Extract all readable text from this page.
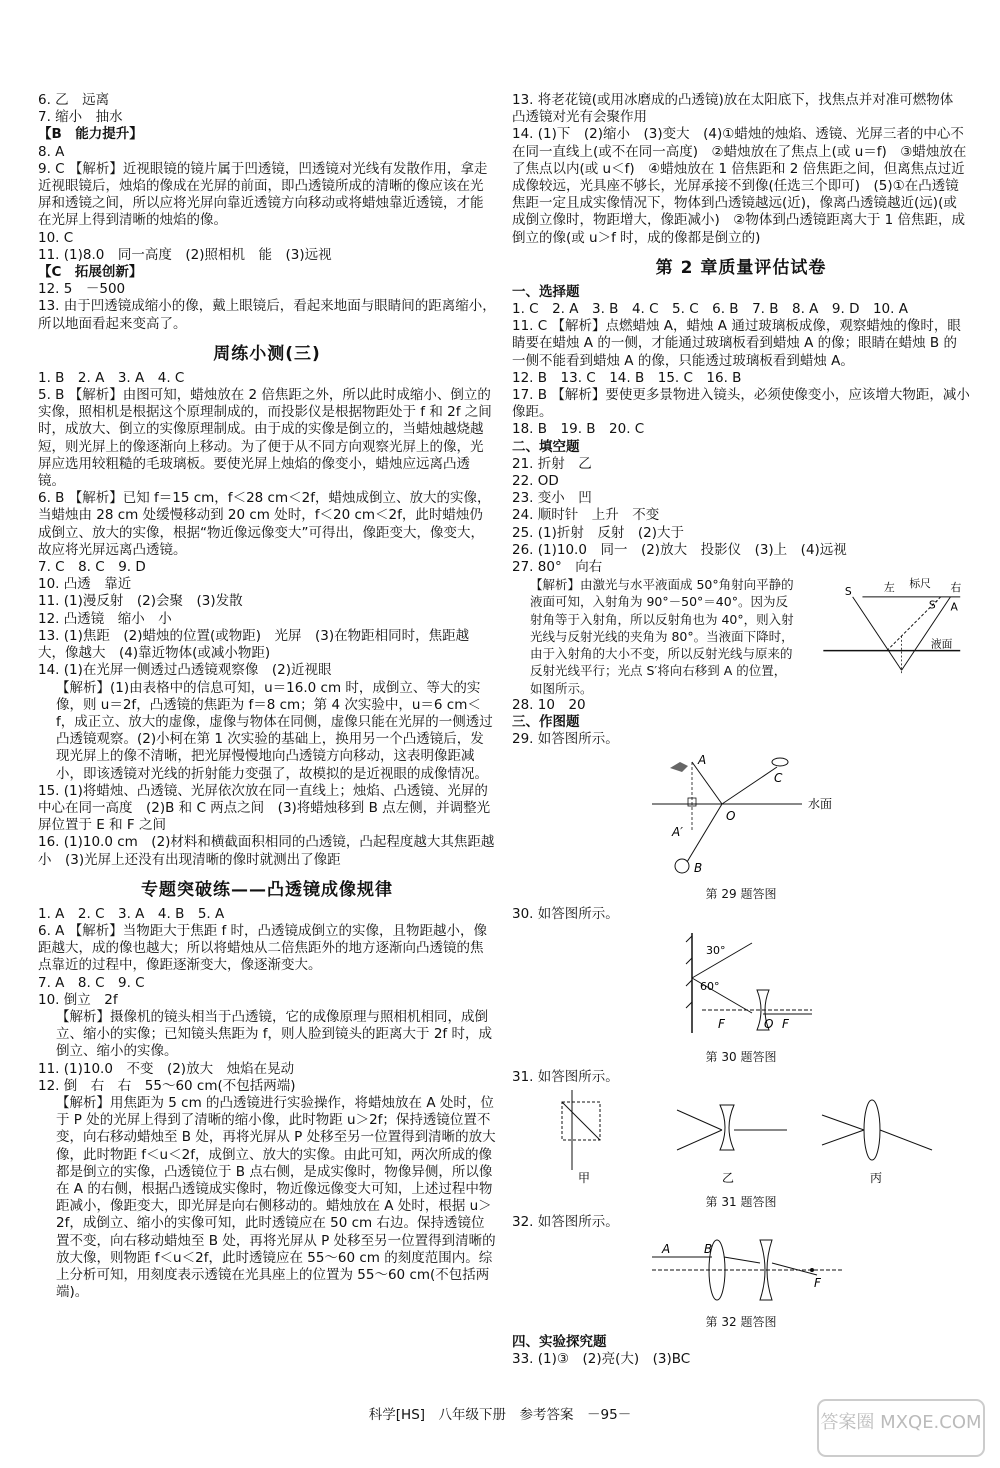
6. 乙　远离

7. 缩小　抽水

【B　能力提升】

8. A

9. C 【解析】近视眼镜的镜片属于凹透镜，凹透镜对光线有发散作用，拿走近视眼镜后，烛焰的像成在光屏的前面，即凸透镜所成的清晰的像应该在光屏和透镜之间，所以应将光屏向靠近透镜方向移动或将蜡烛靠近透镜，才能在光屏上得到清晰的烛焰的像。

10. C

11. (1)8.0　同一高度　(2)照相机　能　(3)远视

【C　拓展创新】

12. 5　－500

13. 由于凹透镜成缩小的像，戴上眼镜后，看起来地面与眼睛间的距离缩小，所以地面看起来变高了。

周练小测(三)

1. B　2. A　3. A　4. C

5. B 【解析】由图可知，蜡烛放在 2 倍焦距之外，所以此时成缩小、倒立的实像，照相机是根据这个原理制成的，而投影仪是根据物距处于 f 和 2f 之间时，成放大、倒立的实像原理制成。由于成的实像是倒立的，当蜡烛越烧越短，则光屏上的像逐渐向上移动。为了便于从不同方向观察光屏上的像，光屏应选用较粗糙的毛玻璃板。要使光屏上烛焰的像变小，蜡烛应远离凸透镜。

6. B 【解析】已知 f＝15 cm，f＜28 cm＜2f，蜡烛成倒立、放大的实像，当蜡烛由 28 cm 处缓慢移动到 20 cm 处时，f＜20 cm＜2f，此时蜡烛仍成倒立、放大的实像，根据“物近像远像变大”可得出，像距变大，像变大，故应将光屏远离凸透镜。

7. C　8. C　9. D

10. 凸透　靠近

11. (1)漫反射　(2)会聚　(3)发散

12. 凸透镜　缩小　小

13. (1)焦距　(2)蜡烛的位置(或物距)　光屏　(3)在物距相同时，焦距越大，像越大　(4)靠近物体(或减小物距)

14. (1)在光屏一侧透过凸透镜观察像　(2)近视眼

【解析】(1)由表格中的信息可知，u＝16.0 cm 时，成倒立、等大的实像，则 u＝2f，凸透镜的焦距为 f＝8 cm；第 4 次实验中，u＝6 cm＜f，成正立、放大的虚像，虚像与物体在同侧，虚像只能在光屏的一侧透过凸透镜观察。(2)小柯在第 1 次实验的基础上，换用另一个凸透镜后，发现光屏上的像不清晰，把光屏慢慢地向凸透镜方向移动，这表明像距减小，即该透镜对光线的折射能力变强了，故模拟的是近视眼的成像情况。

15. (1)将蜡烛、凸透镜、光屏依次放在同一直线上；烛焰、凸透镜、光屏的中心在同一高度　(2)B 和 C 两点之间　(3)将蜡烛移到 B 点左侧，并调整光屏位置于 E 和 F 之间

16. (1)10.0 cm　(2)材料和横截面积相同的凸透镜，凸起程度越大其焦距越小　(3)光屏上还没有出现清晰的像时就测出了像距

专题突破练——凸透镜成像规律

1. A　2. C　3. A　4. B　5. A

6. A 【解析】当物距大于焦距 f 时，凸透镜成倒立的实像，且物距越小，像距越大，成的像也越大；所以将蜡烛从二倍焦距外的地方逐渐向凸透镜的焦点靠近的过程中，像距逐渐变大，像逐渐变大。

7. A　8. C　9. C

10. 倒立　2f

【解析】摄像机的镜头相当于凸透镜，它的成像原理与照相机相同，成倒立、缩小的实像；已知镜头焦距为 f，则人脸到镜头的距离大于 2f 时，成倒立、缩小的实像。

11. (1)10.0　不变　(2)放大　烛焰在晃动

12. 倒　右　右　55～60 cm(不包括两端)

【解析】用焦距为 5 cm 的凸透镜进行实验操作，将蜡烛放在 A 处时，位于 P 处的光屏上得到了清晰的缩小像，此时物距 u＞2f；保持透镜位置不变，向右移动蜡烛至 B 处，再将光屏从 P 处移至另一位置得到清晰的放大像，此时物距 f＜u＜2f，成倒立、放大的实像。由此可知，两次所成的像都是倒立的实像，凸透镜位于 B 点右侧，是成实像时，物像异侧，所以像在 A 的右侧，根据凸透镜成实像时，物近像远像变大可知，上述过程中物距减小，像距变大，即光屏是向右侧移动的。蜡烛放在 A 处时，根据 u＞2f，成倒立、缩小的实像可知，此时透镜应在 50 cm 右边。保持透镜位置不变，向右移动蜡烛至 B 处，再将光屏从 P 处移至另一位置得到清晰的放大像，则物距 f＜u＜2f，此时透镜应在 55～60 cm 的刻度范围内。综上分析可知，用刻度表示透镜在光具座上的位置为 55～60 cm(不包括两端)。

13. 将老花镜(或用冰磨成的凸透镜)放在太阳底下，找焦点并对准可燃物体　凸透镜对光有会聚作用

14. (1)下　(2)缩小　(3)变大　(4)①蜡烛的烛焰、透镜、光屏三者的中心不在同一直线上(或不在同一高度)　②蜡烛放在了焦点上(或 u＝f)　③蜡烛放在了焦点以内(或 u＜f)　④蜡烛放在 1 倍焦距和 2 倍焦距之间，但离焦点过近成像较远，光具座不够长，光屏承接不到像(任选三个即可)　(5)①在凸透镜焦距一定且成实像情况下，物体到凸透镜越远(近)，像离凸透镜越近(远)(或成倒立像时，物距增大，像距减小)　②物体到凸透镜距离大于 1 倍焦距，成倒立的像(或 u＞f 时，成的像都是倒立的)

第 2 章质量评估试卷

一、选择题

1. C　2. A　3. B　4. C　5. C　6. B　7. B　8. A　9. D　10. A

11. C 【解析】点燃蜡烛 A，蜡烛 A 通过玻璃板成像，观察蜡烛的像时，眼睛要在蜡烛 A 的一侧，才能通过玻璃板看到蜡烛 A 的像；眼睛在蜡烛 B 的一侧不能看到蜡烛 A 的像，只能透过玻璃板看到蜡烛 A。

12. B　13. C　14. B　15. C　16. B

17. B 【解析】要使更多景物进入镜头，必须使像变小，应该增大物距，减小像距。

18. B　19. B　20. C

二、填空题

21. 折射　乙

22. OD

23. 变小　凹

24. 顺时针　上升　不变

25. (1)折射　反射　(2)大于

26. (1)10.0　同一　(2)放大　投影仪　(3)上　(4)远视

27. 80°　向右

【解析】由激光与水平液面成 50°角射向平静的液面可知，入射角为 90°－50°＝40°。因为反射角等于入射角，所以反射角也为 40°，则入射光线与反射光线的夹角为 80°。当液面下降时，由于入射角的大小不变，所以反射光线与原来的反射光线平行；光点 S′将向右移到 A 的位置，如图所示。

S	左 标尺 右
S′ A
液面

28. 10　20

三、作图题

29. 如答图所示。

A
C
O
A′
B
水面

第 29 题答图

30. 如答图所示。

30°
60°
F	O F

第 30 题答图

31. 如答图所示。

甲	乙	丙

第 31 题答图

32. 如答图所示。

A	B
F

第 32 题答图

四、实验探究题

33. (1)③　(2)亮(大)　(3)BC

科学[HS]　八年级下册　参考答案　－95－	答案圈 MXQE.COM
